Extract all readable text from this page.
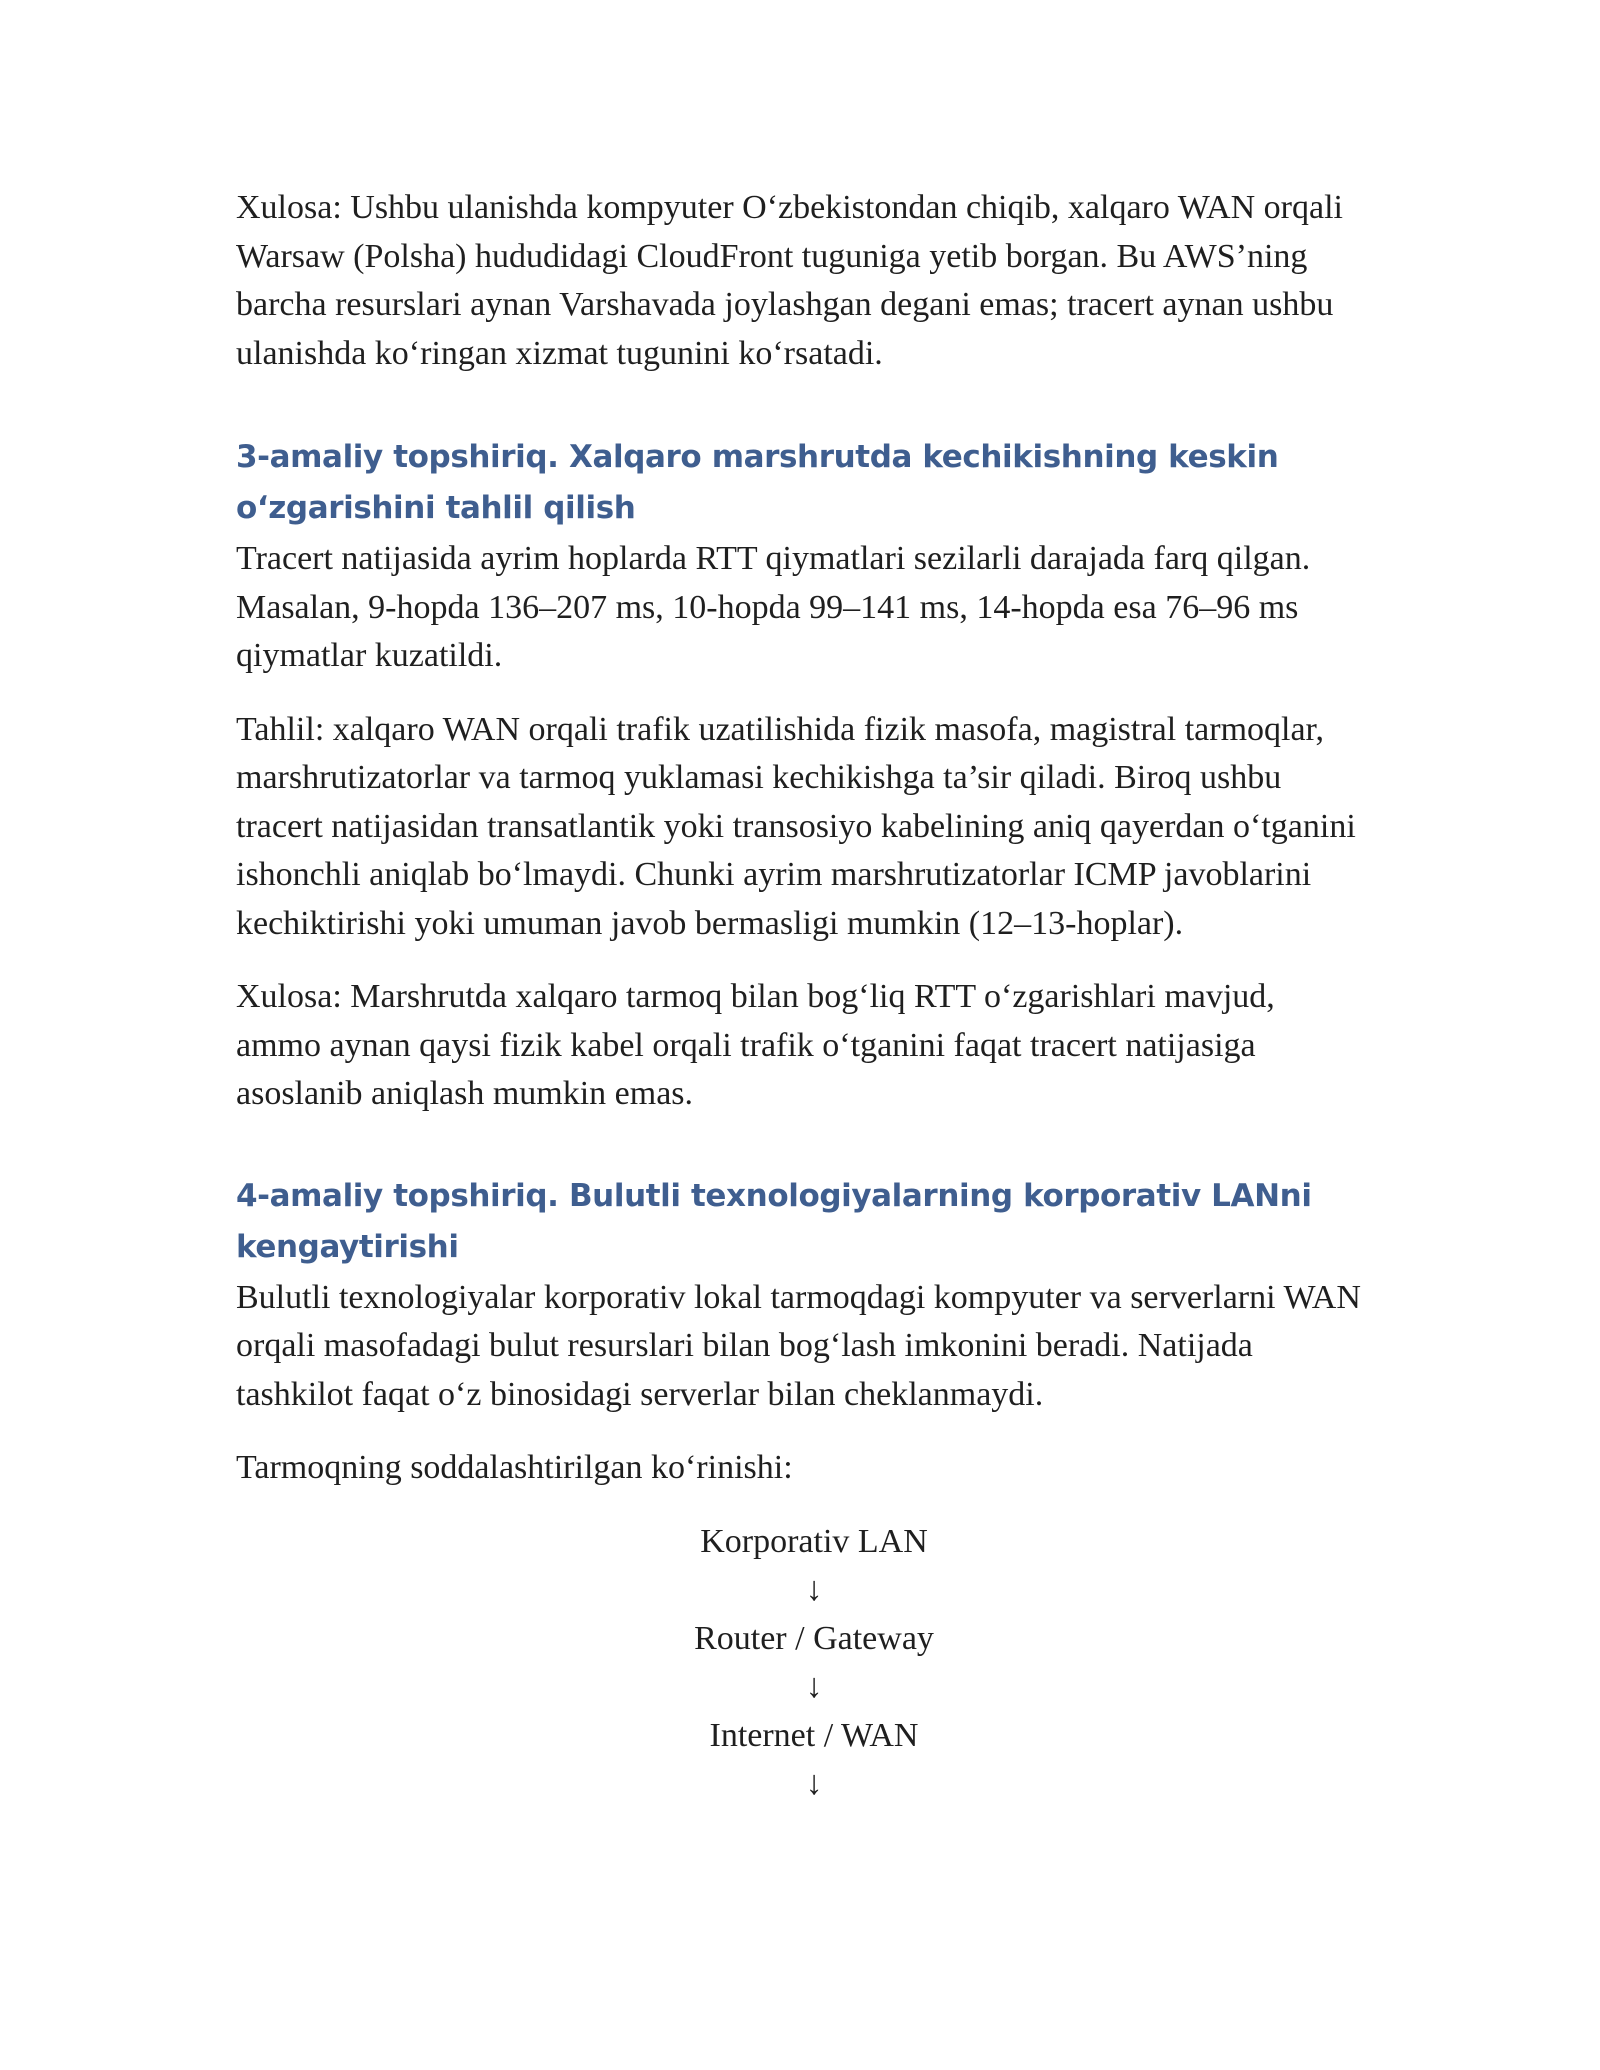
Xulosa: Ushbu ulanishda kompyuter O‘zbekistondan chiqib, xalqaro WAN orqali Warsaw (Polsha) hududidagi CloudFront tuguniga yetib borgan. Bu AWS’ning barcha resurslari aynan Varshavada joylashgan degani emas; tracert aynan ushbu ulanishda ko‘ringan xizmat tugunini ko‘rsatadi.

3-amaliy topshiriq. Xalqaro marshrutda kechikishning keskin o‘zgarishini tahlil qilish

Tracert natijasida ayrim hoplarda RTT qiymatlari sezilarli darajada farq qilgan. Masalan, 9-hopda 136–207 ms, 10-hopda 99–141 ms, 14-hopda esa 76–96 ms qiymatlar kuzatildi.

Tahlil: xalqaro WAN orqali trafik uzatilishida fizik masofa, magistral tarmoqlar, marshrutizatorlar va tarmoq yuklamasi kechikishga ta’sir qiladi. Biroq ushbu tracert natijasidan transatlantik yoki transosiyo kabelining aniq qayerdan o‘tganini ishonchli aniqlab bo‘lmaydi. Chunki ayrim marshrutizatorlar ICMP javoblarini kechiktirishi yoki umuman javob bermasligi mumkin (12–13-hoplar).

Xulosa: Marshrutda xalqaro tarmoq bilan bog‘liq RTT o‘zgarishlari mavjud, ammo aynan qaysi fizik kabel orqali trafik o‘tganini faqat tracert natijasiga asoslanib aniqlash mumkin emas.

4-amaliy topshiriq. Bulutli texnologiyalarning korporativ LANni kengaytirishi

Bulutli texnologiyalar korporativ lokal tarmoqdagi kompyuter va serverlarni WAN orqali masofadagi bulut resurslari bilan bog‘lash imkonini beradi. Natijada tashkilot faqat o‘z binosidagi serverlar bilan cheklanmaydi.

Tarmoqning soddalashtirilgan ko‘rinishi:

Korporativ LAN
↓
Router / Gateway
↓
Internet / WAN
↓
